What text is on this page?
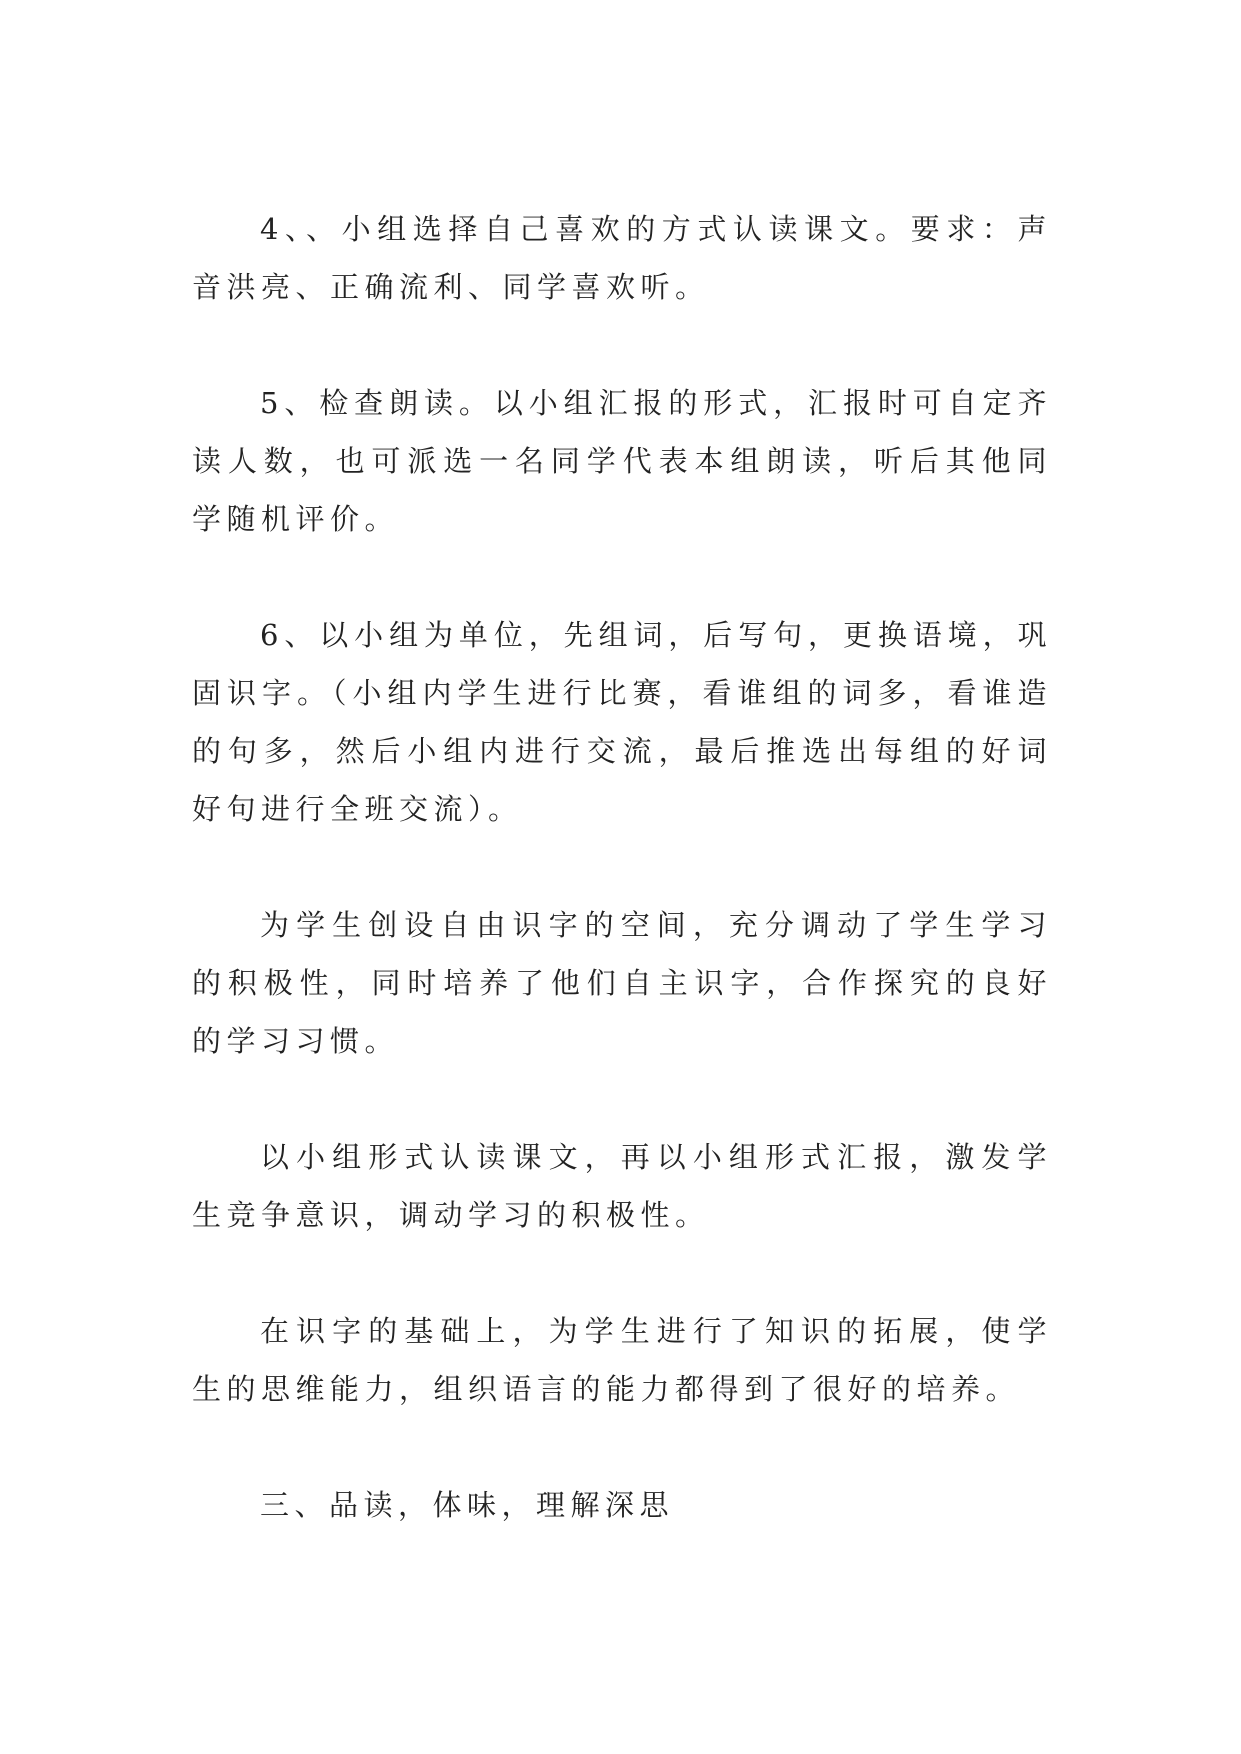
4、、小组选择自己喜欢的方式认读课文。要求：声音洪亮、正确流利、同学喜欢听。

5、检查朗读。以小组汇报的形式，汇报时可自定齐读人数，也可派选一名同学代表本组朗读，听后其他同学随机评价。

6、以小组为单位，先组词，后写句，更换语境，巩固识字。（小组内学生进行比赛，看谁组的词多，看谁造的句多，然后小组内进行交流，最后推选出每组的好词好句进行全班交流）。

为学生创设自由识字的空间，充分调动了学生学习的积极性，同时培养了他们自主识字，合作探究的良好的学习习惯。

以小组形式认读课文，再以小组形式汇报，激发学生竞争意识，调动学习的积极性。

在识字的基础上，为学生进行了知识的拓展，使学生的思维能力，组织语言的能力都得到了很好的培养。

三、品读，体味，理解深思
